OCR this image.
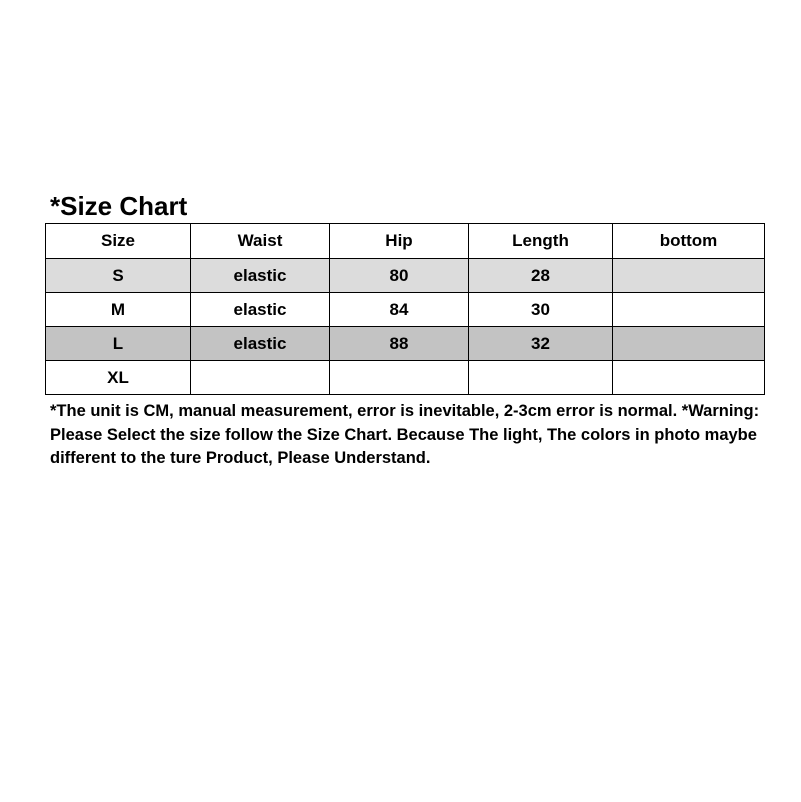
*Size Chart
Size	Waist	Hip	Length	bottom
S	elastic	80	28	
M	elastic	84	30	
L	elastic	88	32	
XL				
*The unit is CM, manual measurement, error is inevitable, 2-3cm error is normal. *Warning:  Please Select the size follow the Size Chart. Because The light, The colors in photo maybe different to the ture Product, Please Understand.
